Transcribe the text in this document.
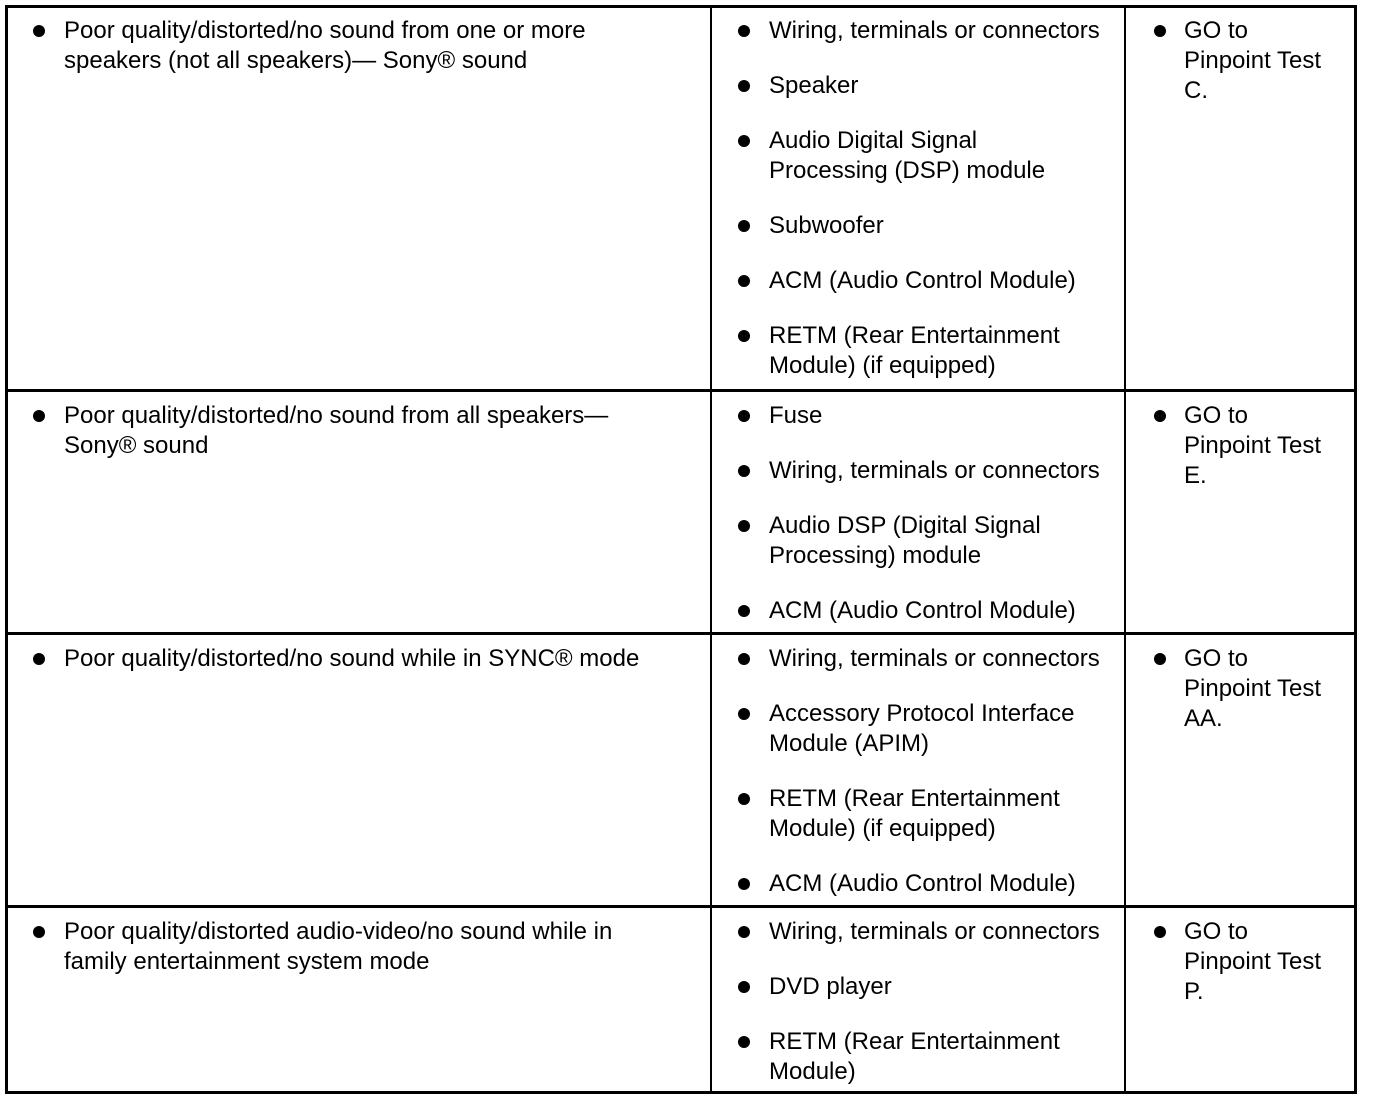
Poor quality/distorted/no sound from one or more
speakers (not all speakers)— Sony® sound
Wiring, terminals or connectors
Speaker
Audio Digital Signal
Processing (DSP) module
Subwoofer
ACM (Audio Control Module)
RETM (Rear Entertainment
Module) (if equipped)
GO to
Pinpoint Test
C.
Poor quality/distorted/no sound from all speakers—
Sony® sound
Fuse
Wiring, terminals or connectors
Audio DSP (Digital Signal
Processing) module
ACM (Audio Control Module)
GO to
Pinpoint Test
E.
Poor quality/distorted/no sound while in SYNC® mode	Wiring, terminals or connectors
Accessory Protocol Interface
Module (APIM)
RETM (Rear Entertainment
Module) (if equipped)
ACM (Audio Control Module)
GO to
Pinpoint Test
AA.
Poor quality/distorted audio-video/no sound while in
family entertainment system mode
Wiring, terminals or connectors
DVD player
RETM (Rear Entertainment
Module)
GO to
Pinpoint Test
P.
